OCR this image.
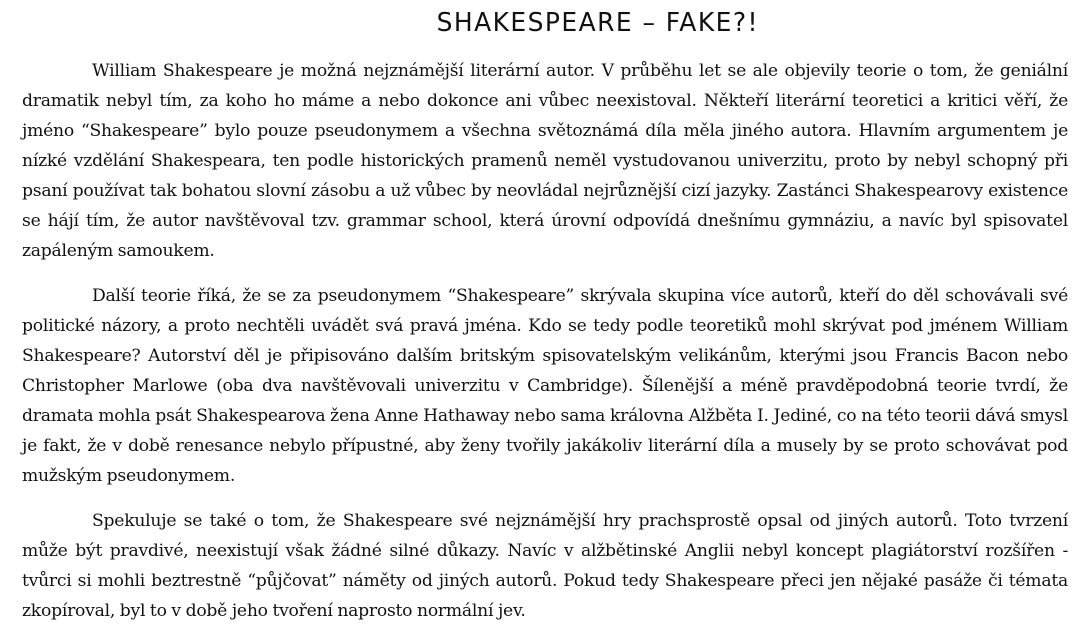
SHAKESPEARE – FAKE?!

William Shakespeare je možná nejznámější literární autor. V průběhu let se ale objevily teorie o tom, že geniální dramatik nebyl tím, za koho ho máme a nebo dokonce ani vůbec neexistoval. Někteří literární teoretici a kritici věří, že jméno “Shakespeare” bylo pouze pseudonymem a všechna světoznámá díla měla jiného autora. Hlavním argumentem je nízké vzdělání Shakespeara, ten podle historických pramenů neměl vystudovanou univerzitu, proto by nebyl schopný při psaní používat tak bohatou slovní zásobu a už vůbec by neovládal nejrůznější cizí jazyky. Zastánci Shakespearovy existence se hájí tím, že autor navštěvoval tzv. grammar school, která úrovní odpovídá dnešnímu gymnáziu, a navíc byl spisovatel zapáleným samoukem.

Další teorie říká, že se za pseudonymem “Shakespeare” skrývala skupina více autorů, kteří do děl schovávali své politické názory, a proto nechtěli uvádět svá pravá jména. Kdo se tedy podle teoretiků mohl skrývat pod jménem William Shakespeare? Autorství děl je připisováno dalším britským spisovatelským velikánům, kterými jsou Francis Bacon nebo Christopher Marlowe (oba dva navštěvovali univerzitu v Cambridge). Šílenější a méně pravděpodobná teorie tvrdí, že dramata mohla psát Shakespearova žena Anne Hathaway nebo sama královna Alžběta I. Jediné, co na této teorii dává smysl je fakt, že v době renesance nebylo přípustné, aby ženy tvořily jakákoliv literární díla a musely by se proto schovávat pod mužským pseudonymem.

Spekuluje se také o tom, že Shakespeare své nejznámější hry prachsprostě opsal od jiných autorů. Toto tvrzení může být pravdivé, neexistují však žádné silné důkazy. Navíc v alžbětinské Anglii nebyl koncept plagiátorství rozšířen - tvůrci si mohli beztrestně “půjčovat” náměty od jiných autorů. Pokud tedy Shakespeare přeci jen nějaké pasáže či témata zkopíroval, byl to v době jeho tvoření naprosto normální jev.
